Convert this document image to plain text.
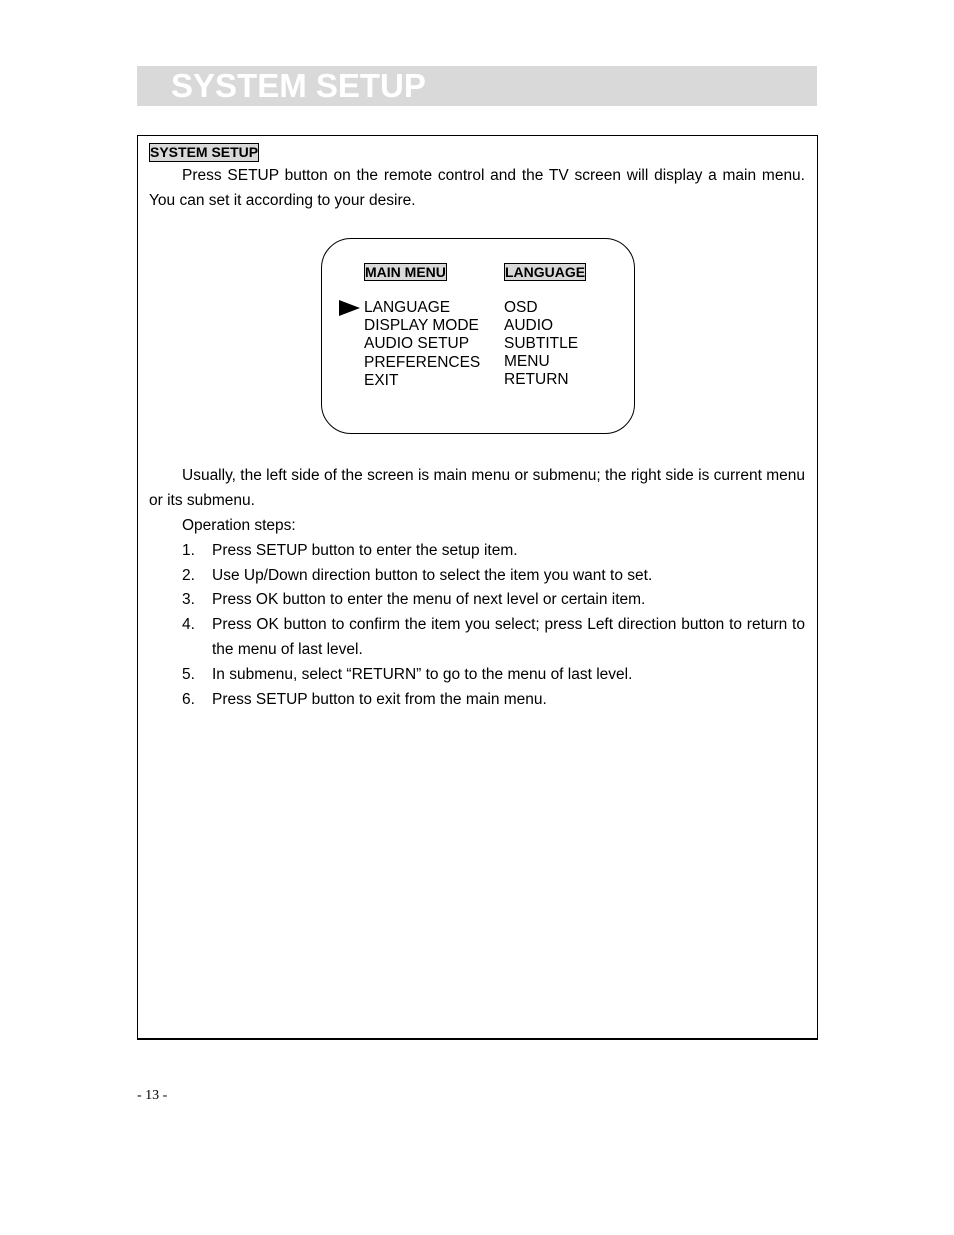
SYSTEM SETUP
SYSTEM SETUP

Press SETUP button on the remote control and the TV screen will display a main menu. You can set it according to your desire.

MAIN MENU	LANGUAGE
LANGUAGE
DISPLAY MODE
AUDIO SETUP
PREFERENCES
EXIT
OSD
AUDIO
SUBTITLE
MENU
RETURN

Usually, the left side of the screen is main menu or submenu; the right side is current menu or its submenu.

Operation steps:
1. Press SETUP button to enter the setup item.
2. Use Up/Down direction button to select the item you want to set.
3. Press OK button to enter the menu of next level or certain item.
4. Press OK button to confirm the item you select; press Left direction button to return to the menu of last level.
5. In submenu, select “RETURN” to go to the menu of last level.
6. Press SETUP button to exit from the main menu.
- 13 -
